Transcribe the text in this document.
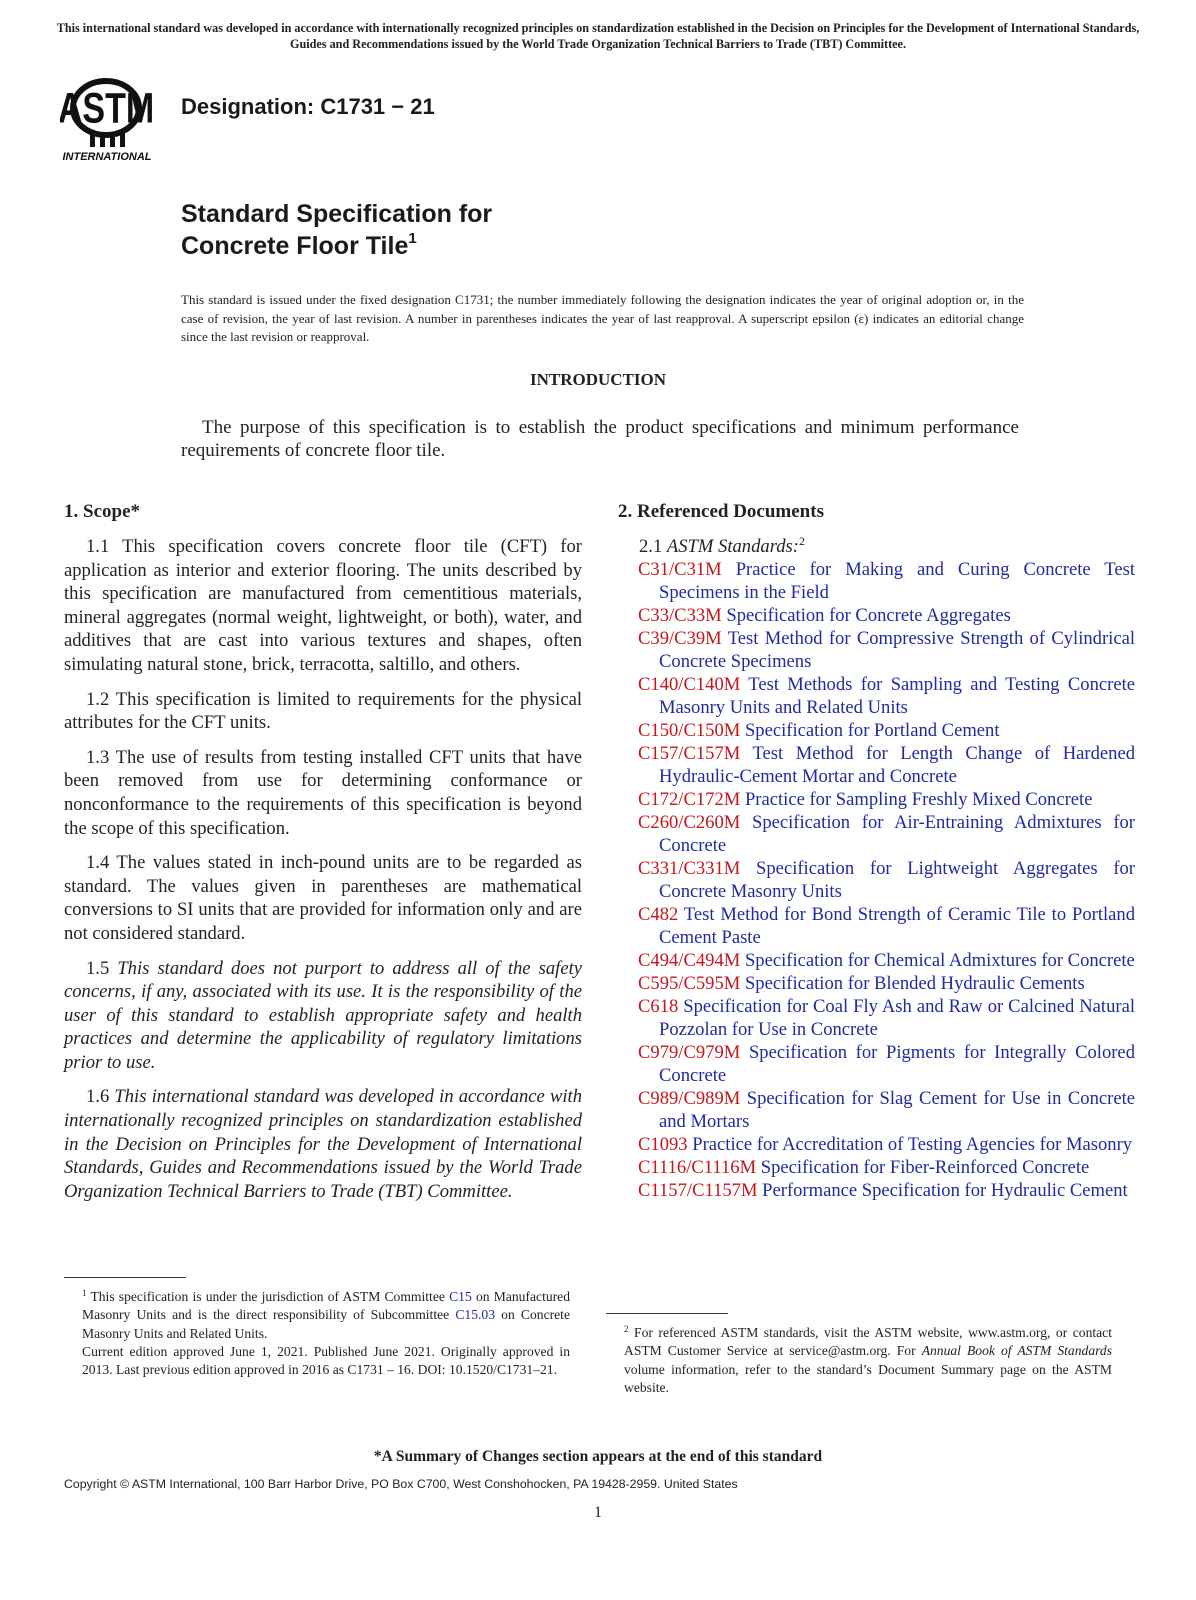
This international standard was developed in accordance with internationally recognized principles on standardization established in the Decision on Principles for the Development of International Standards, Guides and Recommendations issued by the World Trade Organization Technical Barriers to Trade (TBT) Committee.
ASTM
INTERNATIONAL
Designation: C1731 − 21
Standard Specification for
Concrete Floor Tile$^1$
This standard is issued under the fixed designation C1731; the number immediately following the designation indicates the year of original adoption or, in the case of revision, the year of last revision. A number in parentheses indicates the year of last reapproval. A superscript epsilon (ε) indicates an editorial change since the last revision or reapproval.
INTRODUCTION
The purpose of this specification is to establish the product specifications and minimum performance requirements of concrete floor tile.
1. Scope*
1.1 This specification covers concrete floor tile (CFT) for application as interior and exterior flooring. The units described by this specification are manufactured from cementitious materials, mineral aggregates (normal weight, lightweight, or both), water, and additives that are cast into various textures and shapes, often simulating natural stone, brick, terracotta, saltillo, and others.
1.2 This specification is limited to requirements for the physical attributes for the CFT units.
1.3 The use of results from testing installed CFT units that have been removed from use for determining conformance or nonconformance to the requirements of this specification is beyond the scope of this specification.
1.4 The values stated in inch-pound units are to be regarded as standard. The values given in parentheses are mathematical conversions to SI units that are provided for information only and are not considered standard.
1.5 This standard does not purport to address all of the safety concerns, if any, associated with its use. It is the responsibility of the user of this standard to establish appropriate safety and health practices and determine the applicability of regulatory limitations prior to use.
1.6 This international standard was developed in accordance with internationally recognized principles on standardization established in the Decision on Principles for the Development of International Standards, Guides and Recommendations issued by the World Trade Organization Technical Barriers to Trade (TBT) Committee.
2. Referenced Documents
2.1 ASTM Standards:$^2$
C31/C31M Practice for Making and Curing Concrete Test Specimens in the Field
C33/C33M Specification for Concrete Aggregates
C39/C39M Test Method for Compressive Strength of Cylindrical Concrete Specimens
C140/C140M Test Methods for Sampling and Testing Concrete Masonry Units and Related Units
C150/C150M Specification for Portland Cement
C157/C157M Test Method for Length Change of Hardened Hydraulic-Cement Mortar and Concrete
C172/C172M Practice for Sampling Freshly Mixed Concrete
C260/C260M Specification for Air-Entraining Admixtures for Concrete
C331/C331M Specification for Lightweight Aggregates for Concrete Masonry Units
C482 Test Method for Bond Strength of Ceramic Tile to Portland Cement Paste
C494/C494M Specification for Chemical Admixtures for Concrete
C595/C595M Specification for Blended Hydraulic Cements
C618 Specification for Coal Fly Ash and Raw or Calcined Natural Pozzolan for Use in Concrete
C979/C979M Specification for Pigments for Integrally Colored Concrete
C989/C989M Specification for Slag Cement for Use in Concrete and Mortars
C1093 Practice for Accreditation of Testing Agencies for Masonry
C1116/C1116M Specification for Fiber-Reinforced Concrete
C1157/C1157M Performance Specification for Hydraulic Cement
$^1$ This specification is under the jurisdiction of ASTM Committee C15 on Manufactured Masonry Units and is the direct responsibility of Subcommittee C15.03 on Concrete Masonry Units and Related Units.
Current edition approved June 1, 2021. Published June 2021. Originally approved in 2013. Last previous edition approved in 2016 as C1731 – 16. DOI: 10.1520/C1731–21.
$^2$ For referenced ASTM standards, visit the ASTM website, www.astm.org, or contact ASTM Customer Service at service@astm.org. For Annual Book of ASTM Standards volume information, refer to the standard’s Document Summary page on the ASTM website.
*A Summary of Changes section appears at the end of this standard
Copyright © ASTM International, 100 Barr Harbor Drive, PO Box C700, West Conshohocken, PA 19428-2959. United States
1
